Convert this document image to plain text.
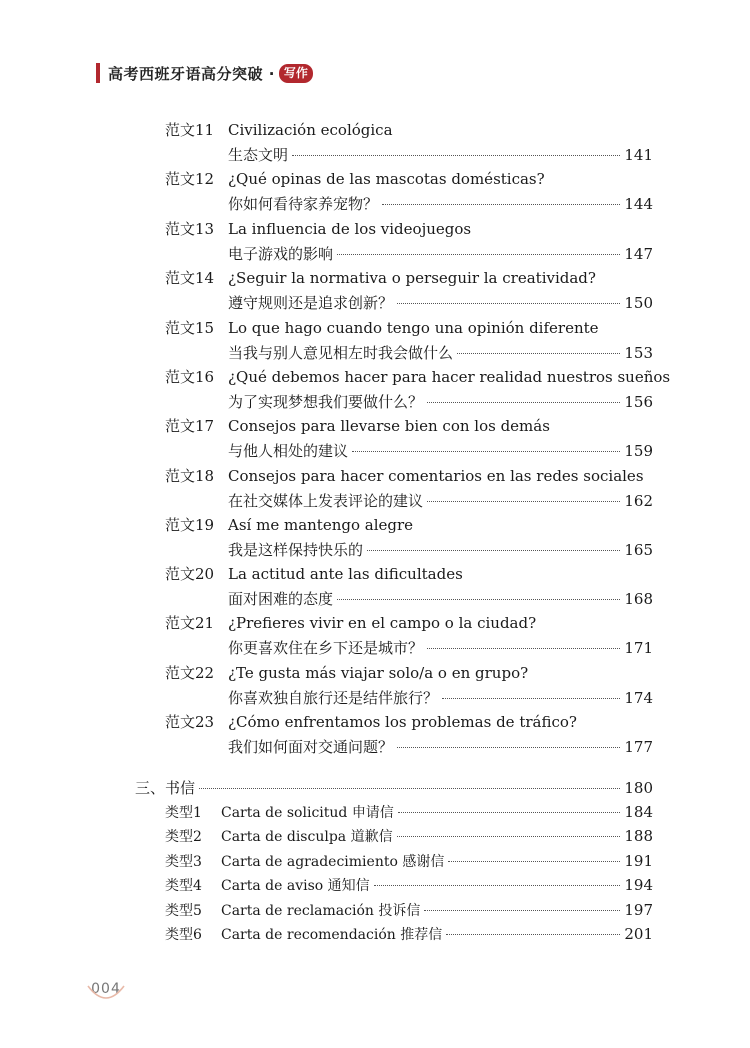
高考西班牙语高分突破 · 写作
范文11 Civilización ecológica
生态文明	141
范文12 ¿Qué opinas de las mascotas domésticas?
你如何看待家养宠物？	144
范文13 La influencia de los videojuegos
电子游戏的影响	147
范文14 ¿Seguir la normativa o perseguir la creatividad?
遵守规则还是追求创新？	150
范文15 Lo que hago cuando tengo una opinión diferente
当我与别人意见相左时我会做什么	153
范文16 ¿Qué debemos hacer para hacer realidad nuestros sueños
为了实现梦想我们要做什么？	156
范文17 Consejos para llevarse bien con los demás
与他人相处的建议	159
范文18 Consejos para hacer comentarios en las redes sociales
在社交媒体上发表评论的建议	162
范文19 Así me mantengo alegre
我是这样保持快乐的	165
范文20 La actitud ante las dificultades
面对困难的态度	168
范文21 ¿Prefieres vivir en el campo o la ciudad?
你更喜欢住在乡下还是城市？	171
范文22 ¿Te gusta más viajar solo/a o en grupo?
你喜欢独自旅行还是结伴旅行？	174
范文23 ¿Cómo enfrentamos los problemas de tráfico?
我们如何面对交通问题？	177
三、书信	180
类型1	Carta de solicitud 申请信	184
类型2	Carta de disculpa 道歉信	188
类型3	Carta de agradecimiento 感谢信	191
类型4	Carta de aviso 通知信	194
类型5	Carta de reclamación 投诉信	197
类型6	Carta de recomendación 推荐信	201
004
